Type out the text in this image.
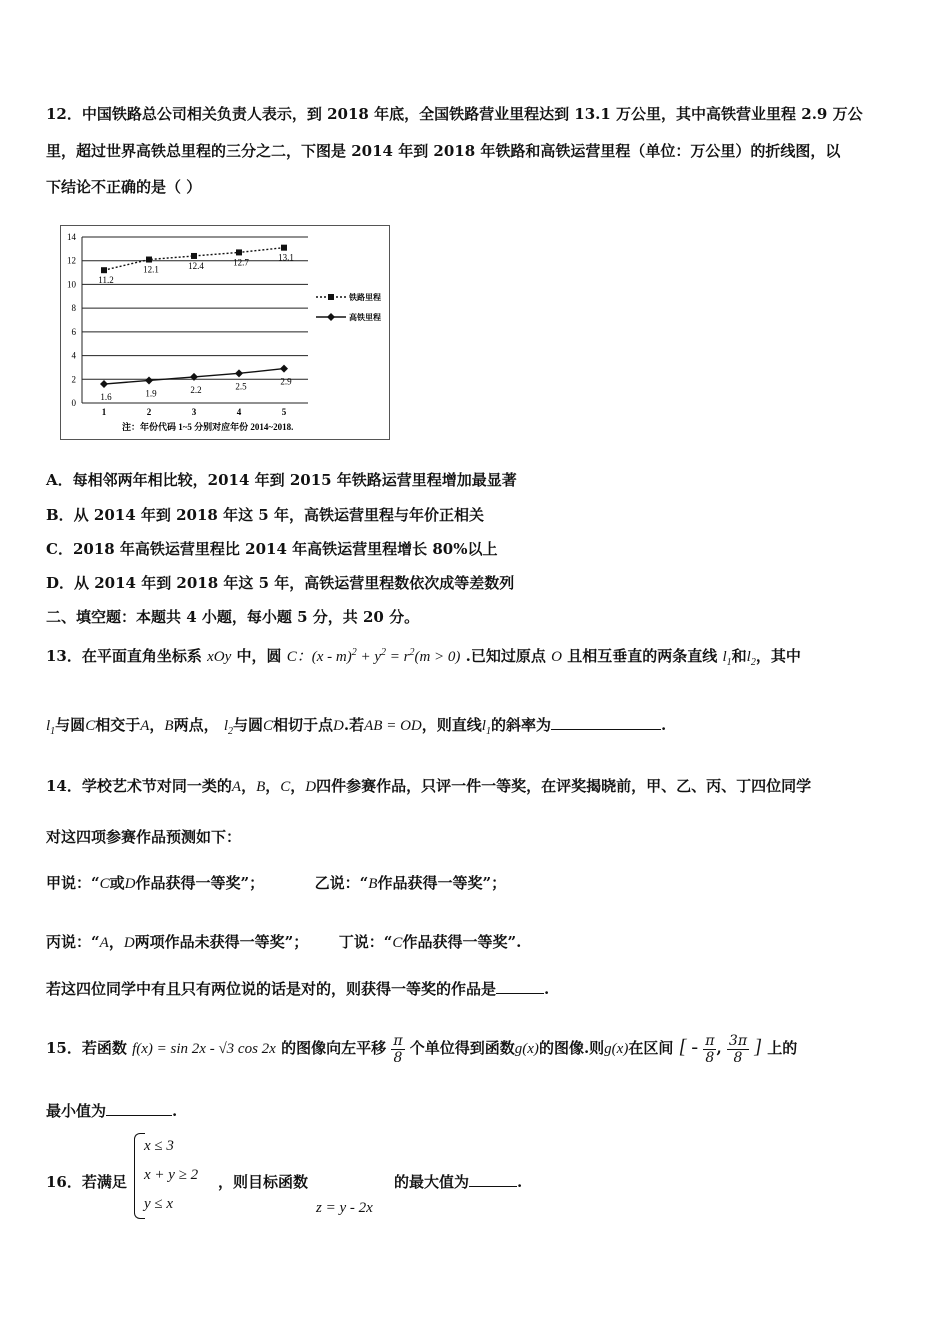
12．中国铁路总公司相关负责人表示，到 2018 年底，全国铁路营业里程达到 13.1 万公里，其中高铁营业里程 2.9 万公
里，超过世界高铁总里程的三分之二，下图是 2014 年到 2018 年铁路和高铁运营里程（单位：万公里）的折线图，以
下结论不正确的是（ ）
0
2
4
6
8
10
12
14
1	2	3	4	5
11.2
12.1	12.4	12.7	13.1
1.6	1.9	2.2	2.5	2.9
铁路里程
高铁里程
注：年份代码 1~5 分别对应年份 2014~2018.
A．每相邻两年相比较，2014 年到 2015 年铁路运营里程增加最显著
B．从 2014 年到 2018 年这 5 年，高铁运营里程与年价正相关
C．2018 年高铁运营里程比 2014 年高铁运营里程增长 80%以上
D．从 2014 年到 2018 年这 5 年，高铁运营里程数依次成等差数列
二、填空题：本题共 4 小题，每小题 5 分，共 20 分。
13．在平面直角坐标系 xOy 中，圆 C：$(x - m)^2 + y^2 = r^2(m > 0)$ .已知过原点 O 且相互垂直的两条直线 $l_1$和$l_2$，其中
$l_1$与圆C相交于A，B两点， $l_2$与圆C相切于点D.若AB = OD，则直线$l_1$的斜率为	.
14．学校艺术节对同一类的A，B，C，D四件参赛作品，只评一件一等奖，在评奖揭晓前，甲、乙、丙、丁四位同学
对这四项参赛作品预测如下：
甲说：“C或D作品获得一等奖”；	乙说：“B作品获得一等奖”；
丙说：“A，D两项作品未获得一等奖”； 丁说：“C作品获得一等奖”.
若这四位同学中有且只有两位说的话是对的，则获得一等奖的作品是	.
15．若函数 f(x) = sin 2x - √3 cos 2x 的图像向左平移 $\frac{\pi}{8}$ 个单位得到函数g(x)的图像.则g(x)在区间 [ - $\frac{\pi}{8}$ , $\frac{3\pi}{8}$ ] 上的
最小值为	.
16．若满足
x ≤ 3
x + y ≥ 2
y ≤ x
，则目标函数
z = y - 2x
的最大值为	.
